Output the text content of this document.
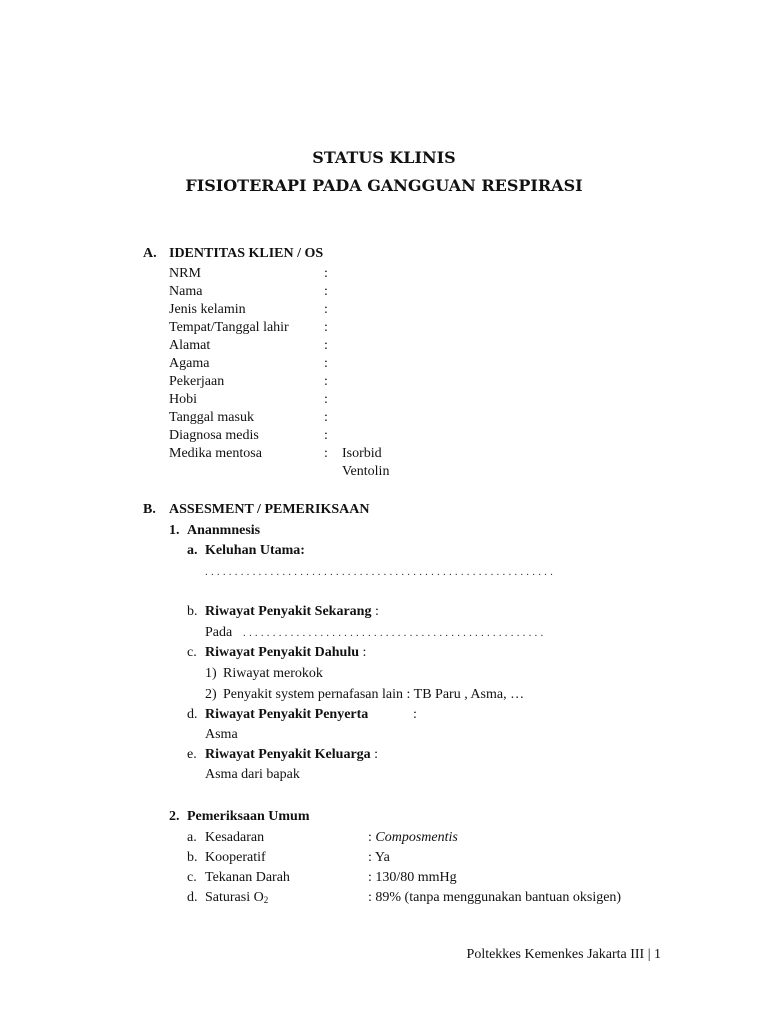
STATUS KLINIS
FISIOTERAPI PADA GANGGUAN RESPIRASI
A. IDENTITAS KLIEN / OS
NRM	:
Nama	:
Jenis kelamin	:
Tempat/Tanggal lahir	:
Alamat	:
Agama	:
Pekerjaan	:
Hobi	:
Tanggal masuk	:
Diagnosa medis	:
Medika mentosa	: Isorbid
Ventolin
B. ASSESMENT / PEMERIKSAAN
1. Ananmnesis
a. Keluhan Utama:
...........................................................
b. Riwayat Penyakit Sekarang :
Pada ...................................................
c. Riwayat Penyakit Dahulu :
1) Riwayat merokok
2) Penyakit system pernafasan lain : TB Paru , Asma, …
d. Riwayat Penyakit Penyerta	:
Asma
e. Riwayat Penyakit Keluarga :
Asma dari bapak
2. Pemeriksaan Umum
a. Kesadaran	: Composmentis
b. Kooperatif	: Ya
c. Tekanan Darah	: 130/80 mmHg
d. Saturasi $O_2$	: 89% (tanpa menggunakan bantuan oksigen)
Poltekkes Kemenkes Jakarta III | 1
